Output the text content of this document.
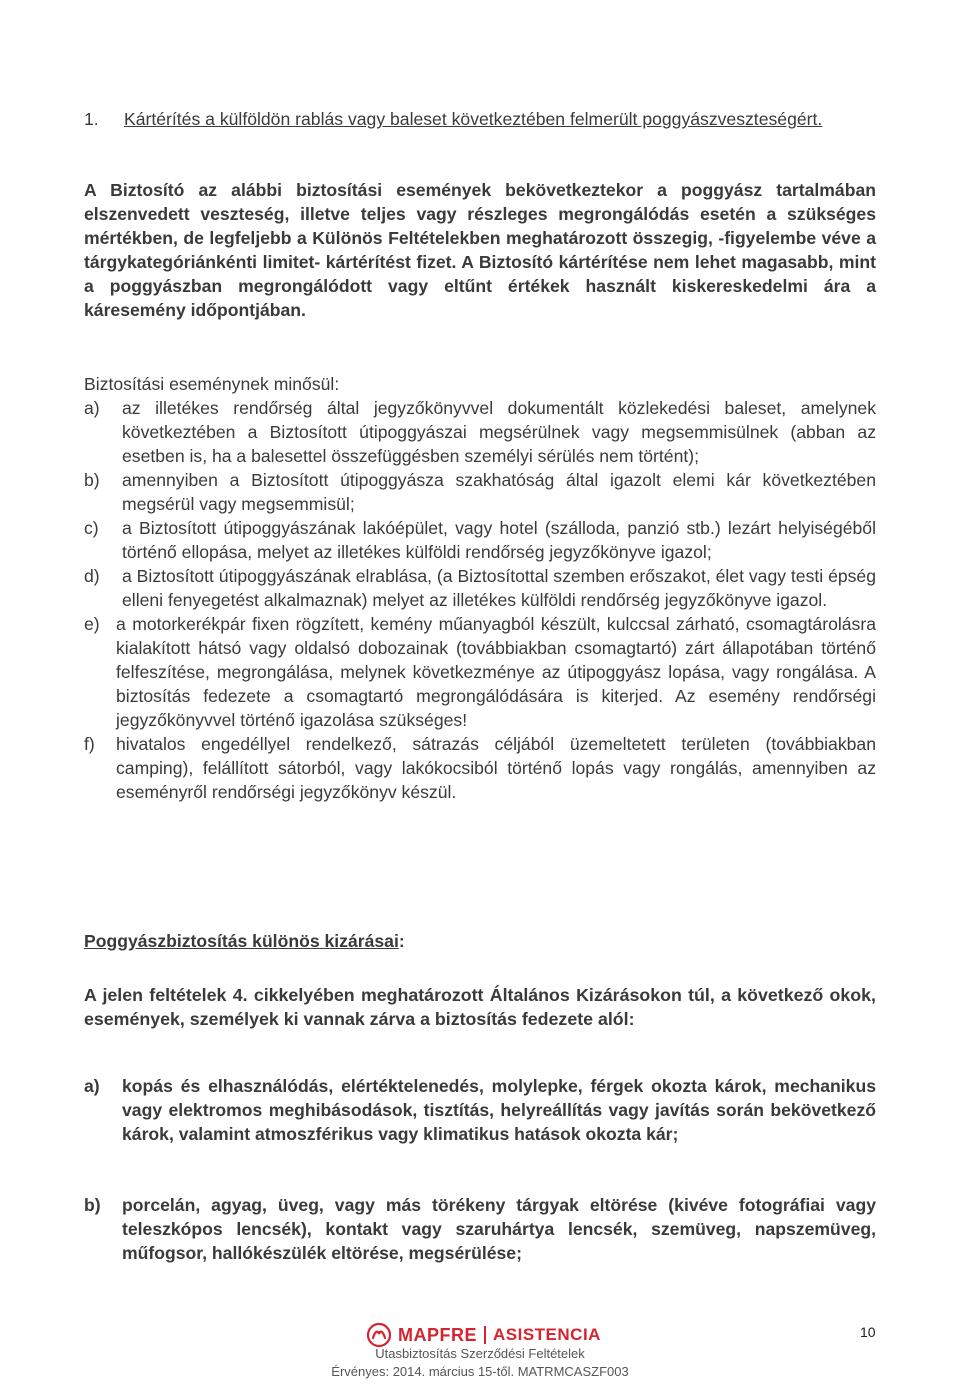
1. Kártérítés a külföldön rablás vagy baleset következtében felmerült poggyászveszteségért.
A Biztosító az alábbi biztosítási események bekövetkeztekor a poggyász tartalmában elszenvedett veszteség, illetve teljes vagy részleges megrongálódás esetén a szükséges mértékben, de legfeljebb a Különös Feltételekben meghatározott összegig, -figyelembe véve a tárgykategóriánkénti limitet- kártérítést fizet. A Biztosító kártérítése nem lehet magasabb, mint a poggyászban megrongálódott vagy eltűnt értékek használt kiskereskedelmi ára a káresemény időpontjában.
Biztosítási eseménynek minősül:
a) az illetékes rendőrség által jegyzőkönyvvel dokumentált közlekedési baleset, amelynek következtében a Biztosított útipoggyászai megsérülnek vagy megsemmisülnek (abban az esetben is, ha a balesettel összefüggésben személyi sérülés nem történt);
b) amennyiben a Biztosított útipoggyásza szakhatóság által igazolt elemi kár következtében megsérül vagy megsemmisül;
c) a Biztosított útipoggyászának lakóépület, vagy hotel (szálloda, panzió stb.) lezárt helyiségéből történő ellopása, melyet az illetékes külföldi rendőrség jegyzőkönyve igazol;
d) a Biztosított útipoggyászának elrablása, (a Biztosítottal szemben erőszakot, élet vagy testi épség elleni fenyegetést alkalmaznak) melyet az illetékes külföldi rendőrség jegyzőkönyve igazol.
e) a motorkerékpár fixen rögzített, kemény műanyagból készült, kulccsal zárható, csomagtárolásra kialakított hátsó vagy oldalsó dobozainak (továbbiakban csomagtartó) zárt állapotában történő felfeszítése, megrongálása, melynek következménye az útipoggyász lopása, vagy rongálása. A biztosítás fedezete a csomagtartó megrongálódására is kiterjed. Az esemény rendőrségi jegyzőkönyvvel történő igazolása szükséges!
f) hivatalos engedéllyel rendelkező, sátrazás céljából üzemeltetett területen (továbbiakban camping), felállított sátorból, vagy lakókocsiból történő lopás vagy rongálás, amennyiben az eseményről rendőrségi jegyzőkönyv készül.
Poggyászbiztosítás különös kizárásai:
A jelen feltételek 4. cikkelyében meghatározott Általános Kizárásokon túl, a következő okok, események, személyek ki vannak zárva a biztosítás fedezete alól:
a) kopás és elhasználódás, elértéktelenedés, molylepke, férgek okozta károk, mechanikus vagy elektromos meghibásodások, tisztítás, helyreállítás vagy javítás során bekövetkező károk, valamint atmoszférikus vagy klimatikus hatások okozta kár;
b) porcelán, agyag, üveg, vagy más törékeny tárgyak eltörése (kivéve fotográfiai vagy teleszkópos lencsék), kontakt vagy szaruhártya lencsék, szemüveg, napszemüveg, műfogsor, hallókészülék eltörése, megsérülése;
MAPFRE ASISTENCIA	10
Utasbiztosítás Szerződési Feltételek
Érvényes: 2014. március 15-től. MATRMCASZF003
